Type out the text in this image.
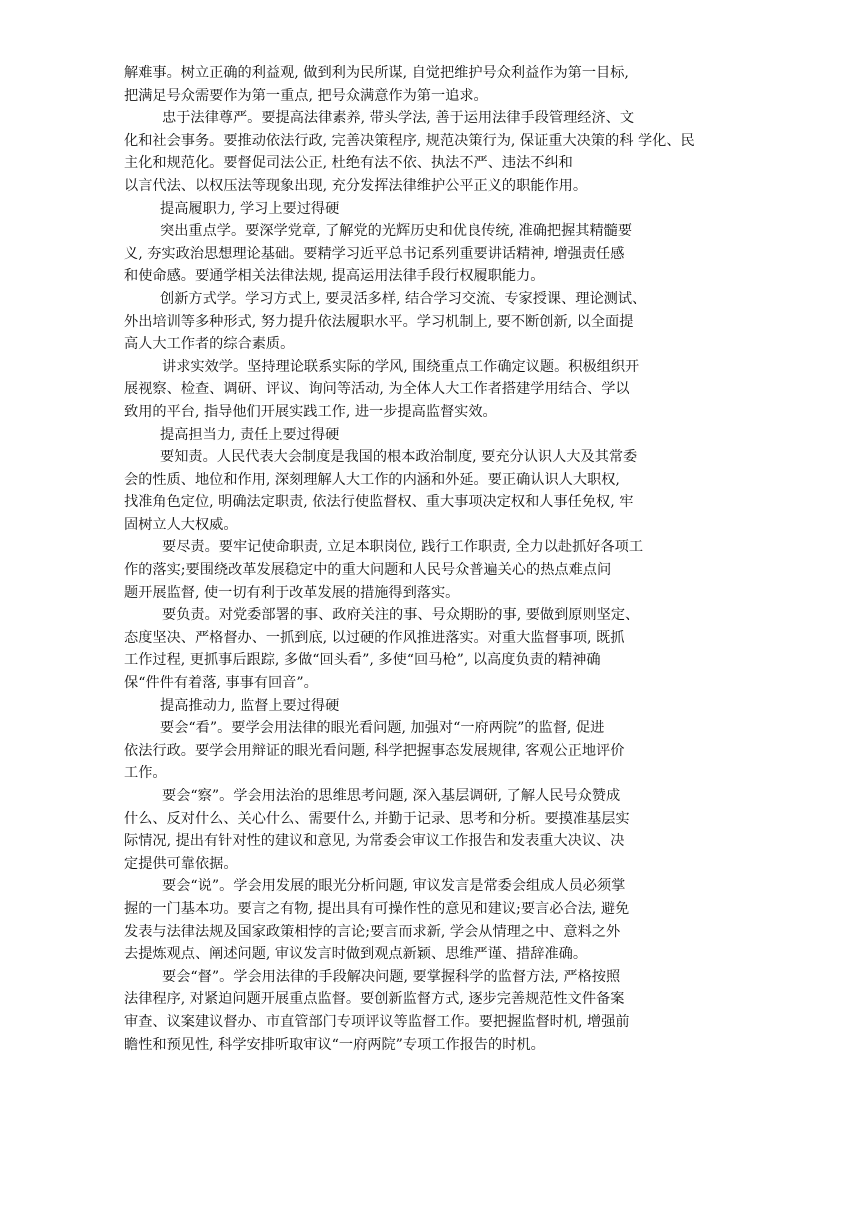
解难事。树立正确的利益观, 做到利为民所谋, 自觉把维护号众利益作为第一目标,
把满足号众需要作为第一重点, 把号众满意作为第一追求。
忠于法律尊严。要提高法律素养, 带头学法, 善于运用法律手段管理经济、文
化和社会事务。要推动依法行政, 完善决策程序, 规范决策行为, 保证重大决策的科 学化、民
主化和规范化。要督促司法公正, 杜绝有法不依、执法不严、违法不纠和
以言代法、以权压法等现象出现, 充分发挥法律维护公平正义的职能作用。
提高履职力, 学习上要过得硬
突出重点学。要深学党章, 了解党的光辉历史和优良传统, 准确把握其精髓要
义, 夯实政治思想理论基础。要精学习近平总书记系列重要讲话精神, 增强责任感
和使命感。要通学相关法律法规, 提高运用法律手段行权履职能力。
创新方式学。学习方式上, 要灵活多样, 结合学习交流、专家授课、理论测试、
外出培训等多种形式, 努力提升依法履职水平。学习机制上, 要不断创新, 以全面提
高人大工作者的综合素质。
讲求实效学。坚持理论联系实际的学风, 围绕重点工作确定议题。积极组织开
展视察、检查、调研、评议、询问等活动, 为全体人大工作者搭建学用结合、学以
致用的平台, 指导他们开展实践工作, 进一步提高监督实效。
提高担当力, 责任上要过得硬
要知责。人民代表大会制度是我国的根本政治制度, 要充分认识人大及其常委
会的性质、地位和作用, 深刻理解人大工作的内涵和外延。要正确认识人大职权,
找准角色定位, 明确法定职责, 依法行使监督权、重大事项决定权和人事任免权, 牢
固树立人大权威。
要尽责。要牢记使命职责, 立足本职岗位, 践行工作职责, 全力以赴抓好各项工
作的落实;要围绕改革发展稳定中的重大问题和人民号众普遍关心的热点难点问
题开展监督, 使一切有利于改革发展的措施得到落实。
要负责。对党委部署的事、政府关注的事、号众期盼的事, 要做到原则坚定、
态度坚决、严格督办、一抓到底, 以过硬的作风推进落实。对重大监督事项, 既抓
工作过程, 更抓事后跟踪, 多做“回头看”, 多使“回马枪”, 以高度负责的精神确
保“件件有着落, 事事有回音”。
提高推动力, 监督上要过得硬
要会“看”。要学会用法律的眼光看问题, 加强对“一府两院”的监督, 促进
依法行政。要学会用辩证的眼光看问题, 科学把握事态发展规律, 客观公正地评价
工作。
要会“察”。学会用法治的思维思考问题, 深入基层调研, 了解人民号众赞成
什么、反对什么、关心什么、需要什么, 并勤于记录、思考和分析。要摸准基层实
际情况, 提出有针对性的建议和意见, 为常委会审议工作报告和发表重大决议、决
定提供可靠依据。
要会“说”。学会用发展的眼光分析问题, 审议发言是常委会组成人员必须掌
握的一门基本功。要言之有物, 提出具有可操作性的意见和建议;要言必合法, 避免
发表与法律法规及国家政策相悖的言论;要言而求新, 学会从情理之中、意料之外
去提炼观点、阐述问题, 审议发言时做到观点新颖、思维严谨、措辞准确。
要会“督”。学会用法律的手段解决问题, 要掌握科学的监督方法, 严格按照
法律程序, 对紧迫问题开展重点监督。要创新监督方式, 逐步完善规范性文件备案
审查、议案建议督办、市直管部门专项评议等监督工作。要把握监督时机, 增强前
瞻性和预见性, 科学安排听取审议“一府两院”专项工作报告的时机。
